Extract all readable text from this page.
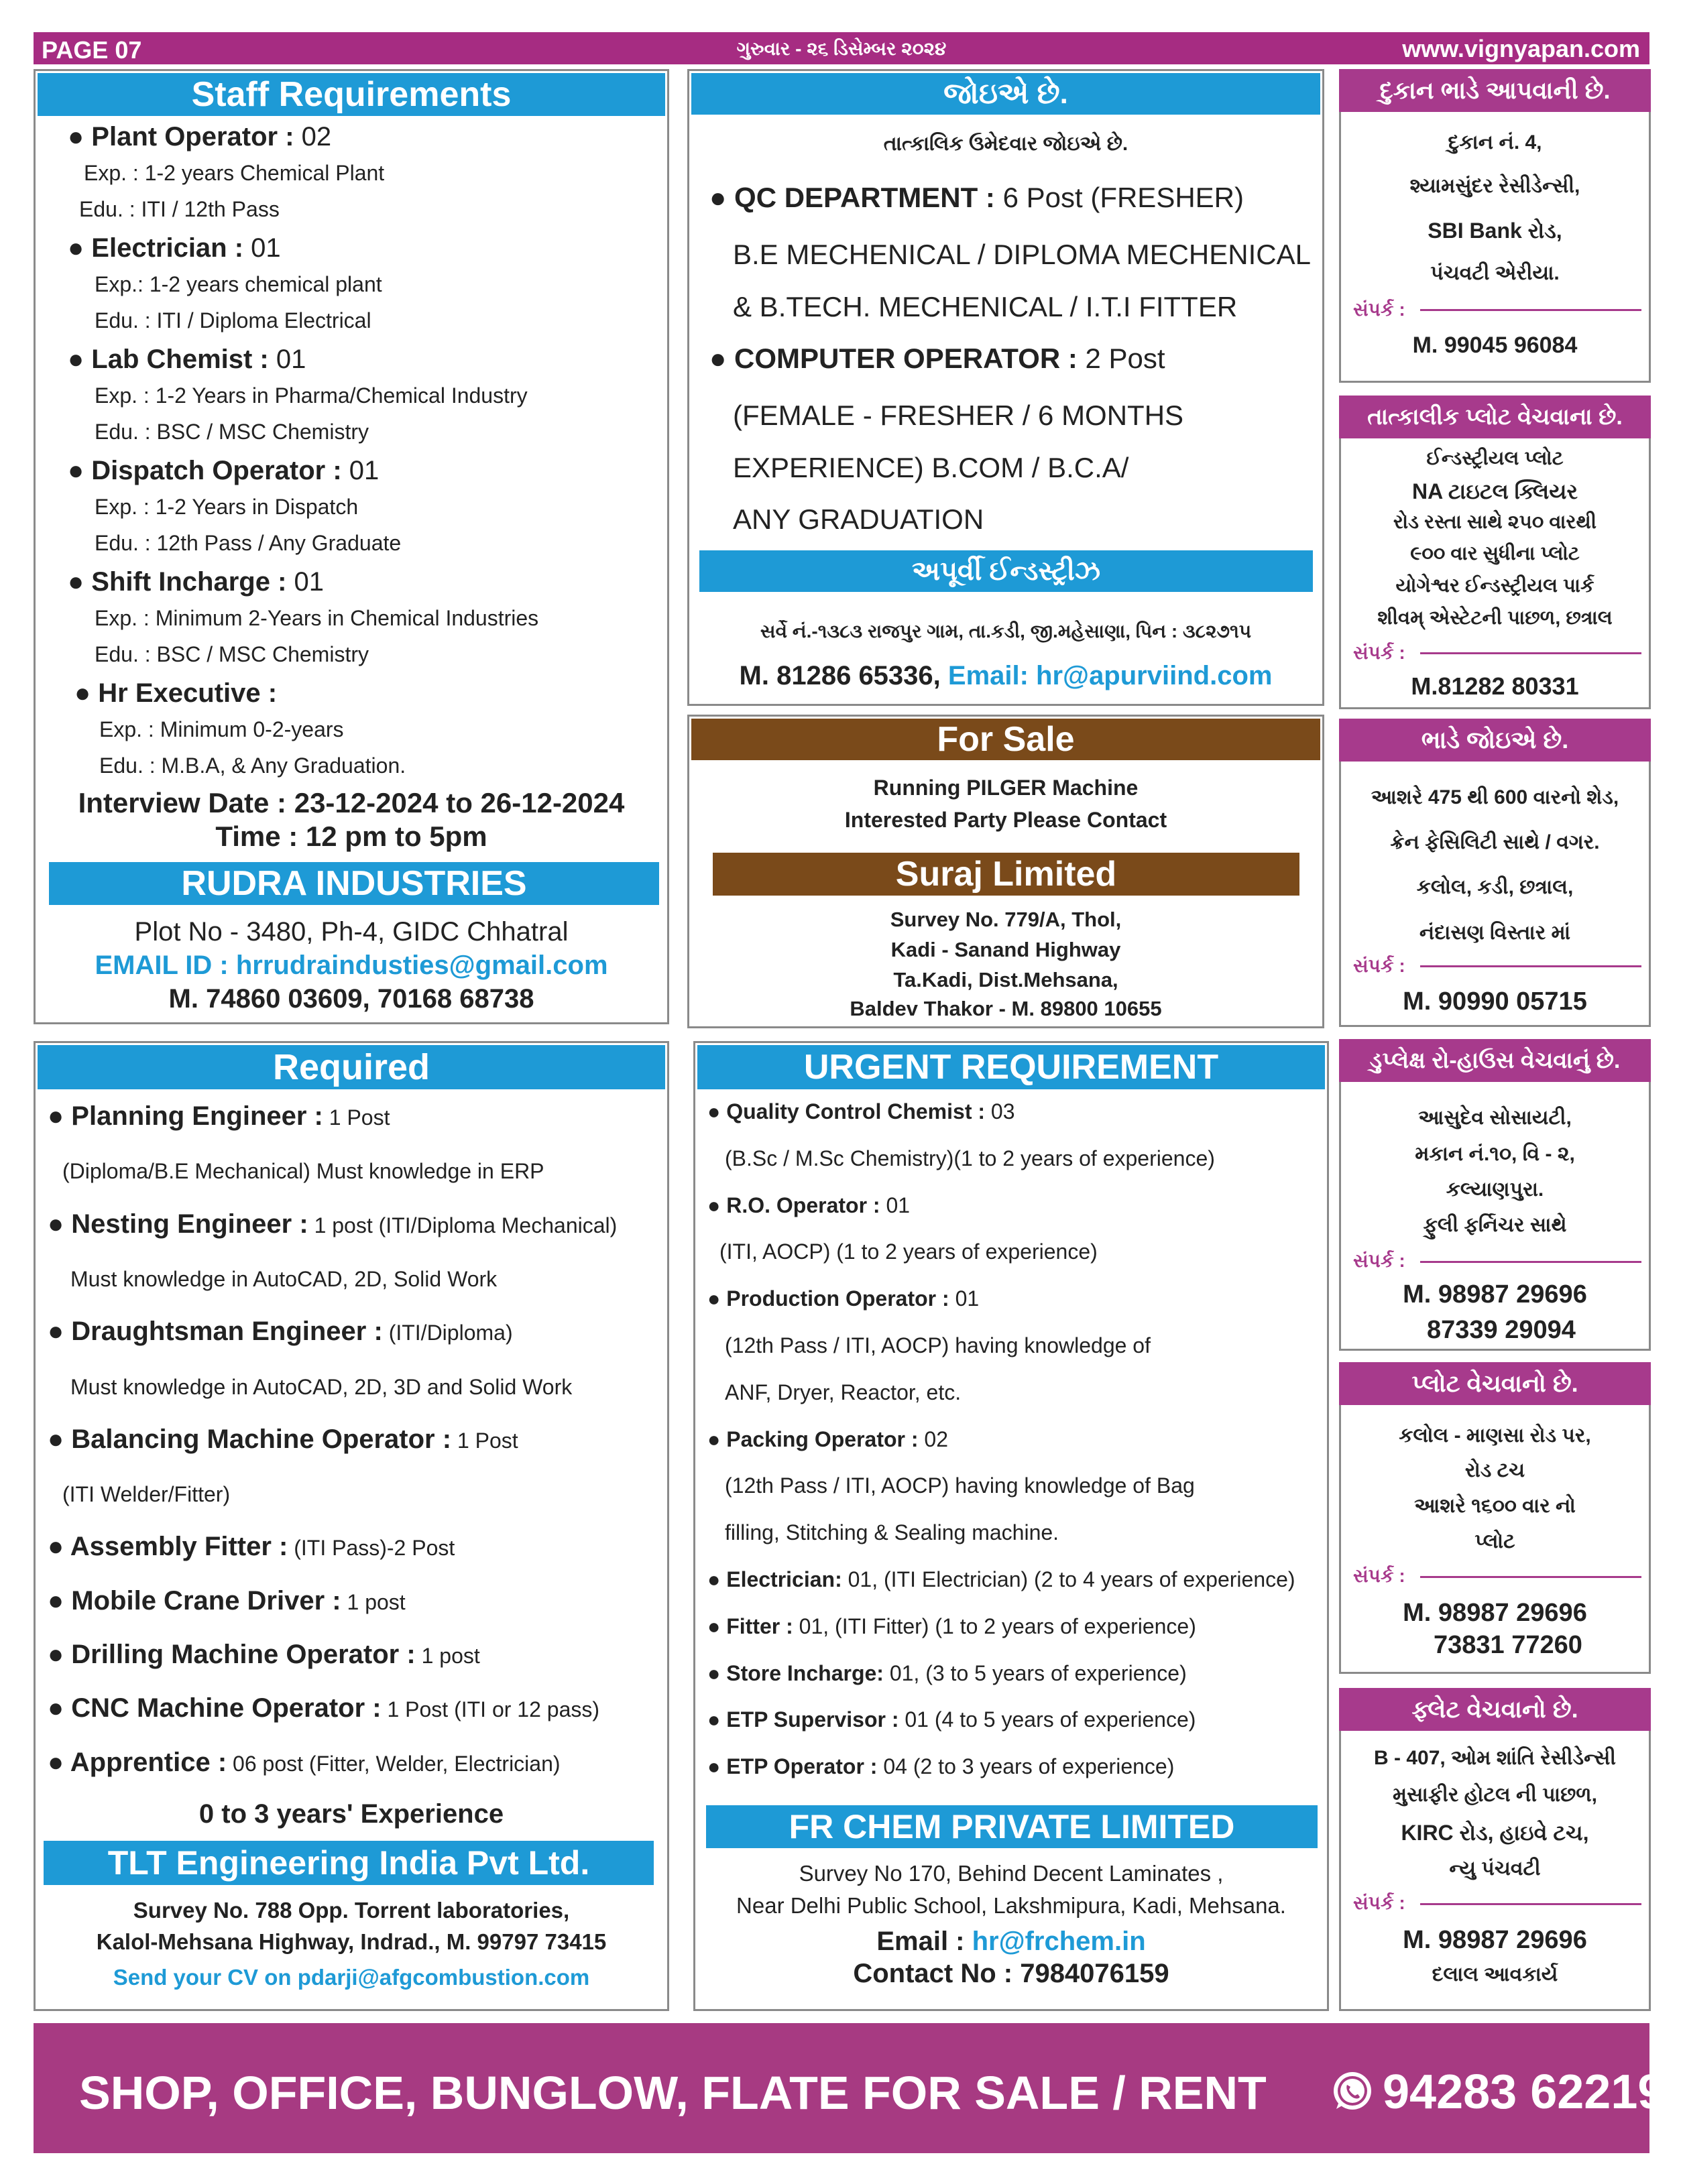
PAGE 07	ગુરુવાર - ૨૬ ડિસેમ્બર ૨૦૨૪	www.vignyapan.com
Staff Requirements
Interview Date : 23-12-2024 to 26-12-2024
Time : 12 pm to 5pm
RUDRA INDUSTRIES
Plot No - 3480, Ph-4, GIDC Chhatral
EMAIL ID : hrrudraindusties@gmail.com
M. 74860 03609, 70168 68738
● Plant Operator : 02
Exp. : 1-2 years Chemical Plant
Edu. : ITI / 12th Pass
● Electrician : 01
Exp.: 1-2 years chemical plant
Edu. : ITI / Diploma Electrical
● Lab Chemist : 01
Exp. : 1-2 Years in Pharma/Chemical Industry
Edu. : BSC / MSC Chemistry
● Dispatch Operator : 01
Exp. : 1-2 Years in Dispatch
Edu. : 12th Pass / Any Graduate
● Shift Incharge : 01
Exp. : Minimum 2-Years in Chemical Industries
Edu. : BSC / MSC Chemistry
● Hr Executive :
Exp. : Minimum 0-2-years
Edu. : M.B.A, & Any Graduation.
જોઇએ છે.
તાત્કાલિક ઉમેદવાર જોઇએ છે.
● QC DEPARTMENT : 6 Post (FRESHER)
B.E MECHENICAL / DIPLOMA MECHENICAL
& B.TECH. MECHENICAL / I.T.I FITTER
● COMPUTER OPERATOR : 2 Post
(FEMALE - FRESHER / 6 MONTHS
EXPERIENCE) B.COM / B.C.A/
ANY GRADUATION
અપૂર્વી ઈન્ડસ્ટ્રીઝ
સર્વે નં.-૧૩૮૩ રાજપુર ગામ, તા.કડી, જી.મહેસાણા, પિન : ૩૮૨૭૧૫
M. 81286 65336, Email: hr@apurviind.com
For Sale
Running PILGER Machine
Interested Party Please Contact
Suraj Limited
Survey No. 779/A, Thol,
Kadi - Sanand Highway
Ta.Kadi, Dist.Mehsana,
Baldev Thakor - M. 89800 10655
દુકાન ભાડે આપવાની છે.
દુકાન નં. 4,
શ્યામસુંદર રેસીડેન્સી,
SBI Bank રોડ,
પંચવટી એરીયા.
સંપર્ક :
M. 99045 96084
તાત્કાલીક પ્લોટ વેચવાના છે.
ઈન્ડસ્ટ્રીયલ પ્લોટ
NA ટાઇટલ ક્લિયર
રોડ રસ્તા સાથે ૨૫૦ વારથી
૯૦૦ વાર સુધીના પ્લોટ
યોગેશ્વર ઈન્ડસ્ટ્રીયલ પાર્ક
શીવમ્ એસ્ટેટની પાછળ, છત્રાલ
સંપર્ક :
M.81282 80331
ભાડે જોઇએ છે.
આશરે 475 થી 600 વારનો શેડ,
ક્રેન ફેસિલિટી સાથે / વગર.
કલોલ, કડી, છત્રાલ,
નંદાસણ વિસ્તાર માં
સંપર્ક :
M. 90990 05715
ડુપ્લેક્ષ રો-હાઉસ વેચવાનું છે.
આસુદેવ સોસાયટી,
મકાન નં.૧૦, વિ - ૨,
કલ્યાણપુરા.
ફુલી ફર્નિચર સાથે
સંપર્ક :
M. 98987 29696
87339 29094
પ્લોટ વેચવાનો છે.
કલોલ - માણસા રોડ પર,
રોડ ટચ
આશરે ૧૬૦૦ વાર નો
પ્લોટ
સંપર્ક :
M. 98987 29696
73831 77260
ફ્લેટ વેચવાનો છે.
B - 407, ઓમ શાંતિ રેસીડેન્સી
મુસાફીર હોટલ ની પાછળ,
KIRC રોડ, હાઇવે ટચ,
ન્યુ પંચવટી
સંપર્ક :
M. 98987 29696
દલાલ આવકાર્ય
Required
0 to 3 years' Experience
TLT Engineering India Pvt Ltd.
Survey No. 788 Opp. Torrent laboratories,
Kalol-Mehsana Highway, Indrad., M. 99797 73415
Send your CV on pdarji@afgcombustion.com
● Planning Engineer : 1 Post
(Diploma/B.E Mechanical) Must knowledge in ERP
● Nesting Engineer : 1 post (ITI/Diploma Mechanical)
Must knowledge in AutoCAD, 2D, Solid Work
● Draughtsman Engineer : (ITI/Diploma)
Must knowledge in AutoCAD, 2D, 3D and Solid Work
● Balancing Machine Operator : 1 Post
(ITI Welder/Fitter)
● Assembly Fitter : (ITI Pass)-2 Post
● Mobile Crane Driver : 1 post
● Drilling Machine Operator : 1 post
● CNC Machine Operator : 1 Post (ITI or 12 pass)
● Apprentice : 06 post (Fitter, Welder, Electrician)
URGENT REQUIREMENT
FR CHEM PRIVATE LIMITED
Survey No 170, Behind Decent Laminates ,
Near Delhi Public School, Lakshmipura, Kadi, Mehsana.
Email : hr@frchem.in
Contact No : 7984076159
● Quality Control Chemist : 03
(B.Sc / M.Sc Chemistry)(1 to 2 years of experience)
● R.O. Operator : 01
(ITI, AOCP) (1 to 2 years of experience)
● Production Operator : 01
(12th Pass / ITI, AOCP) having knowledge of
ANF, Dryer, Reactor, etc.
● Packing Operator : 02
(12th Pass / ITI, AOCP) having knowledge of Bag
filling, Stitching & Sealing machine.
● Electrician: 01, (ITI Electrician) (2 to 4 years of experience)
● Fitter : 01, (ITI Fitter) (1 to 2 years of experience)
● Store Incharge: 01, (3 to 5 years of experience)
● ETP Supervisor : 01 (4 to 5 years of experience)
● ETP Operator : 04 (2 to 3 years of experience)
SHOP, OFFICE, BUNGLOW, FLATE FOR SALE / RENT 94283 62219
